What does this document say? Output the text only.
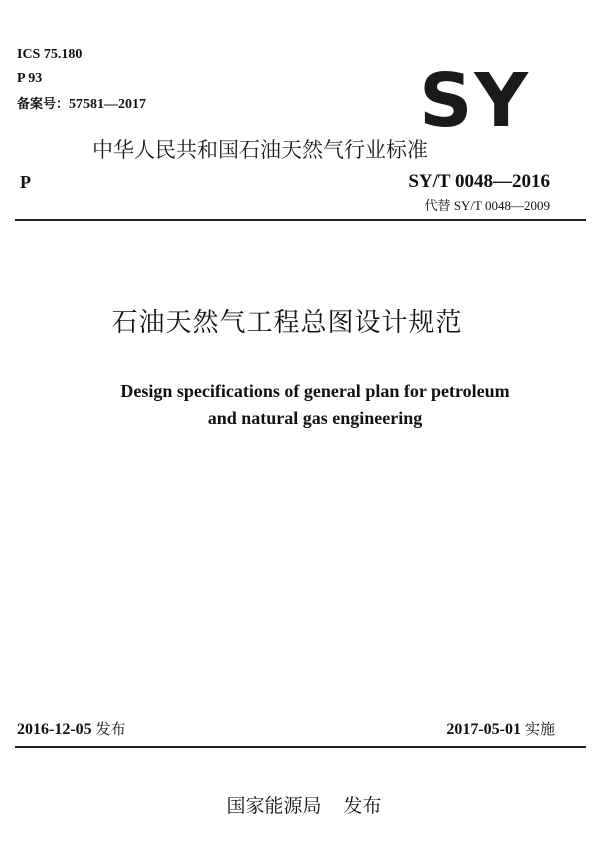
ICS 75.180
P 93
备案号：57581—2017	SY
中华人民共和国石油天然气行业标准
P	SY/T 0048—2016
代替 SY/T 0048—2009
石油天然气工程总图设计规范
Design specifications of general plan for petroleum
and natural gas engineering
2016-12-05 发布	2017-05-01 实施
国家能源局 发布
